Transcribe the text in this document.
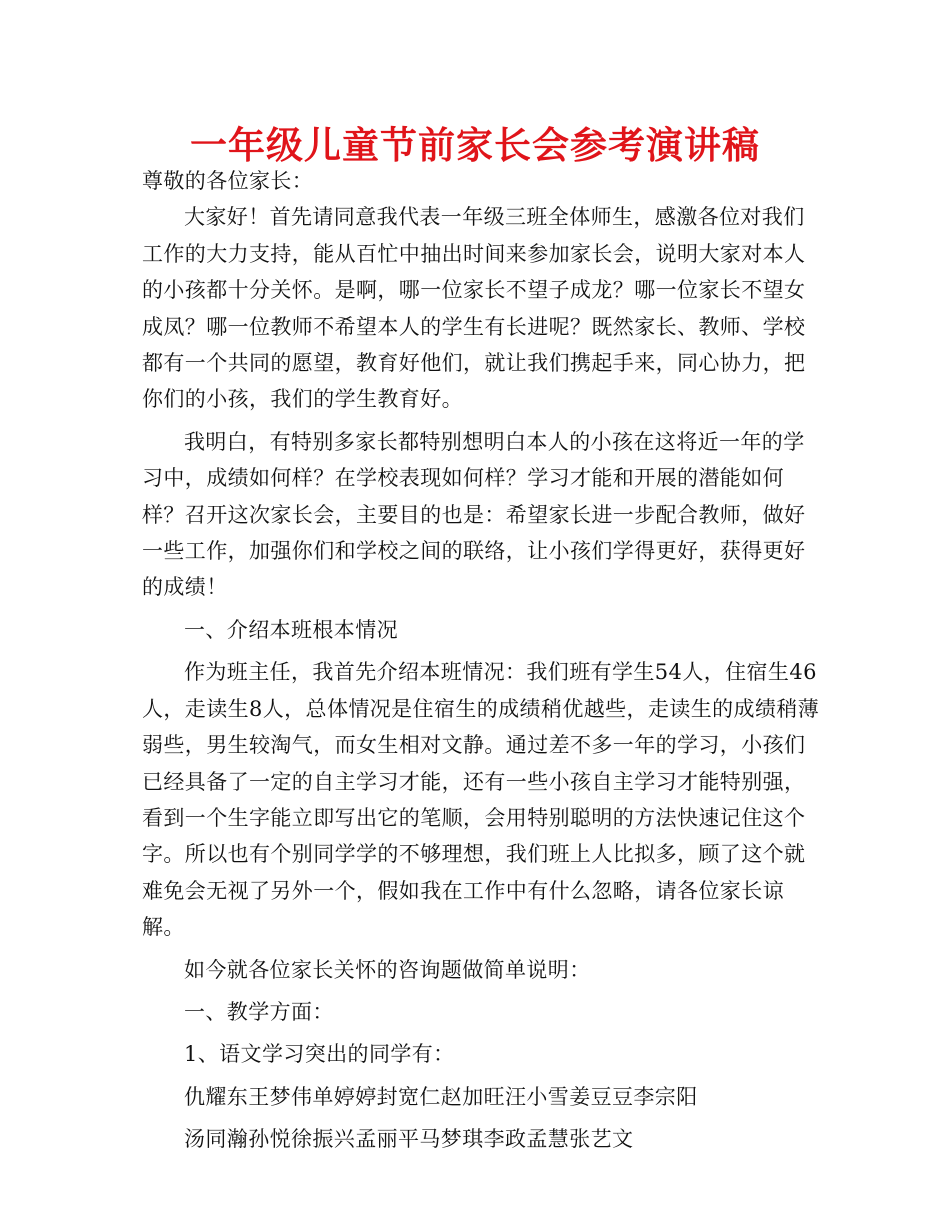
一年级儿童节前家长会参考演讲稿

尊敬的各位家长：

大家好！首先请同意我代表一年级三班全体师生，感激各位对我们工作的大力支持，能从百忙中抽出时间来参加家长会，说明大家对本人的小孩都十分关怀。是啊，哪一位家长不望子成龙？哪一位家长不望女成凤？哪一位教师不希望本人的学生有长进呢？既然家长、教师、学校都有一个共同的愿望，教育好他们，就让我们携起手来，同心协力，把你们的小孩，我们的学生教育好。

我明白，有特别多家长都特别想明白本人的小孩在这将近一年的学习中，成绩如何样？在学校表现如何样？学习才能和开展的潜能如何样？召开这次家长会，主要目的也是：希望家长进一步配合教师，做好一些工作，加强你们和学校之间的联络，让小孩们学得更好，获得更好的成绩！

一、介绍本班根本情况

作为班主任，我首先介绍本班情况：我们班有学生54人，住宿生46人，走读生8人，总体情况是住宿生的成绩稍优越些，走读生的成绩稍薄弱些，男生较淘气，而女生相对文静。通过差不多一年的学习，小孩们已经具备了一定的自主学习才能，还有一些小孩自主学习才能特别强，看到一个生字能立即写出它的笔顺，会用特别聪明的方法快速记住这个字。所以也有个别同学学的不够理想，我们班上人比拟多，顾了这个就难免会无视了另外一个，假如我在工作中有什么忽略，请各位家长谅解。

如今就各位家长关怀的咨询题做简单说明：

一、教学方面：

1、语文学习突出的同学有：

仇耀东王梦伟单婷婷封宽仁赵加旺汪小雪姜豆豆李宗阳

汤同瀚孙悦徐振兴孟丽平马梦琪李政孟慧张艺文
